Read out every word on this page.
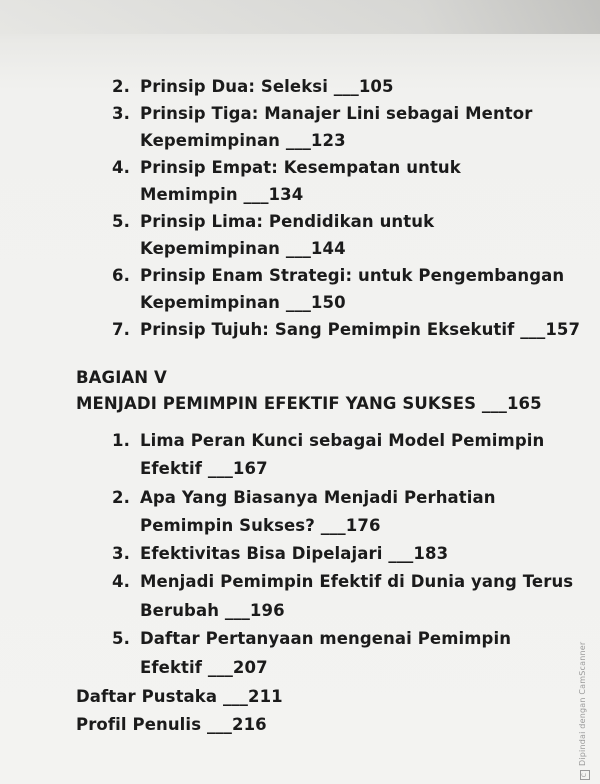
2. Prinsip Dua: Seleksi ___105
3. Prinsip Tiga: Manajer Lini sebagai Mentor
Kepemimpinan ___123
4. Prinsip Empat: Kesempatan untuk
Memimpin ___134
5. Prinsip Lima: Pendidikan untuk
Kepemimpinan ___144
6. Prinsip Enam Strategi: untuk Pengembangan
Kepemimpinan ___150
7. Prinsip Tujuh: Sang Pemimpin Eksekutif ___157
BAGIAN V
MENJADI PEMIMPIN EFEKTIF YANG SUKSES ___165
1. Lima Peran Kunci sebagai Model Pemimpin
Efektif ___167
2. Apa Yang Biasanya Menjadi Perhatian
Pemimpin Sukses? ___176
3. Efektivitas Bisa Dipelajari ___183
4. Menjadi Pemimpin Efektif di Dunia yang Terus
Berubah ___196
5. Daftar Pertanyaan mengenai Pemimpin
Efektif ___207
Daftar Pustaka ___211
Profil Penulis ___216
CDipindai dengan CamScanner
